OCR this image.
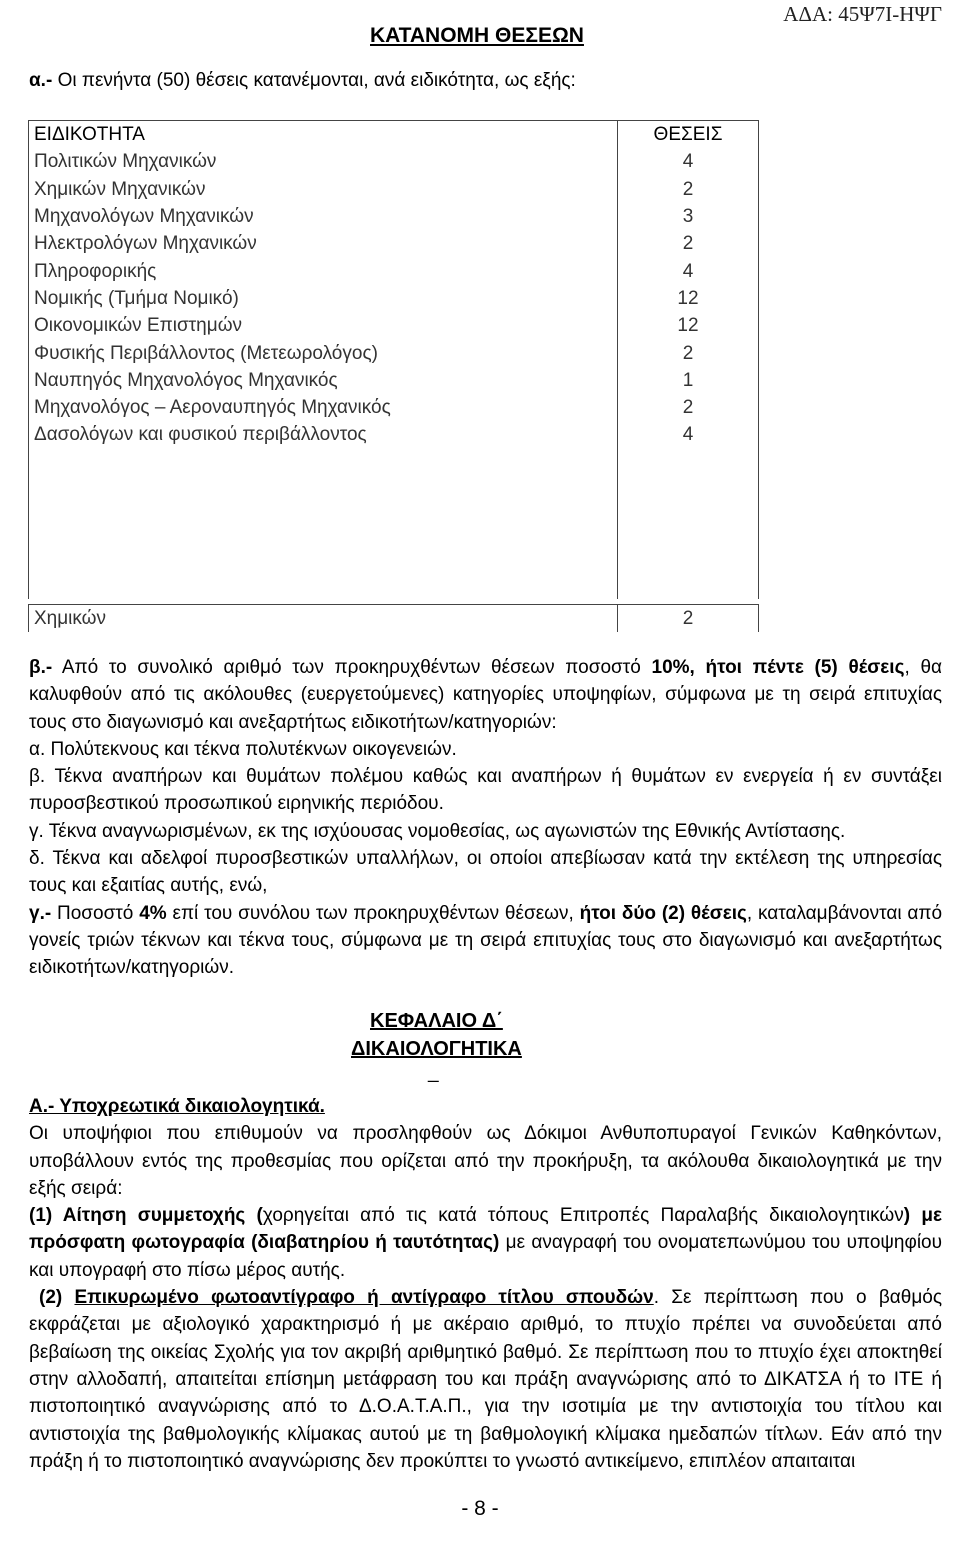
ΑΔΑ: 45Ψ7Ι-ΗΨΓ
ΚΑΤΑΝΟΜΗ ΘΕΣΕΩΝ
α.- Οι πενήντα (50) θέσεις κατανέμονται, ανά ειδικότητα, ως εξής:
ΕΙΔΙΚΟΤΗΤΑ	ΘΕΣΕΙΣ
Πολιτικών Μηχανικών	4
Χημικών Μηχανικών	2
Μηχανολόγων Μηχανικών	3
Ηλεκτρολόγων Μηχανικών	2
Πληροφορικής	4
Νομικής (Τμήμα Νομικό)	12
Οικονομικών Επιστημών	12
Φυσικής Περιβάλλοντος (Μετεωρολόγος)	2
Ναυπηγός Μηχανολόγος Μηχανικός	1
Μηχανολόγος – Αεροναυπηγός Μηχανικός	2
Δασολόγων και φυσικού περιβάλλοντος	4

Χημικών	2

β.- Από το συνολικό αριθμό των προκηρυχθέντων θέσεων ποσοστό 10%, ήτοι πέντε (5) θέσεις, θα καλυφθούν από τις ακόλουθες (ευεργετούμενες) κατηγορίες υποψηφίων, σύμφωνα με τη σειρά επιτυχίας τους στο διαγωνισμό και ανεξαρτήτως ειδικοτήτων/κατηγοριών:

α. Πολύτεκνους και τέκνα πολυτέκνων οικογενειών.

β. Τέκνα αναπήρων και θυμάτων πολέμου καθώς και αναπήρων ή θυμάτων εν ενεργεία ή εν συντάξει πυροσβεστικού προσωπικού ειρηνικής περιόδου.

γ. Τέκνα αναγνωρισμένων, εκ της ισχύουσας νομοθεσίας, ως αγωνιστών της Εθνικής Αντίστασης.

δ. Τέκνα και αδελφοί πυροσβεστικών υπαλλήλων, οι οποίοι απεβίωσαν κατά την εκτέλεση της υπηρεσίας τους και εξαιτίας αυτής, ενώ,

γ.- Ποσοστό 4% επί του συνόλου των προκηρυχθέντων θέσεων, ήτοι δύο (2) θέσεις, καταλαμβάνονται από γονείς τριών τέκνων και τέκνα τους, σύμφωνα με τη σειρά επιτυχίας τους στο διαγωνισμό και ανεξαρτήτως ειδικοτήτων/κατηγοριών.

ΚΕΦΑΛΑΙΟ Δ΄
ΔΙΚΑΙΟΛΟΓΗΤΙΚΑ
_

Α.- Υποχρεωτικά δικαιολογητικά.

Οι υποψήφιοι που επιθυμούν να προσληφθούν ως Δόκιμοι Ανθυποπυραγοί Γενικών Καθηκόντων, υποβάλλουν εντός της προθεσμίας που ορίζεται από την προκήρυξη, τα ακόλουθα δικαιολογητικά με την εξής σειρά:

(1) Αίτηση συμμετοχής (χορηγείται από τις κατά τόπους Επιτροπές Παραλαβής δικαιολογητικών) με πρόσφατη φωτογραφία (διαβατηρίου ή ταυτότητας) με αναγραφή του ονοματεπωνύμου του υποψηφίου και υπογραφή στο πίσω μέρος αυτής.

(2) Επικυρωμένο φωτοαντίγραφο ή αντίγραφο τίτλου σπουδών. Σε περίπτωση που ο βαθμός εκφράζεται με αξιολογικό χαρακτηρισμό ή με ακέραιο αριθμό, το πτυχίο πρέπει να συνοδεύεται από βεβαίωση της οικείας Σχολής για τον ακριβή αριθμητικό βαθμό. Σε περίπτωση που το πτυχίο έχει αποκτηθεί στην αλλοδαπή, απαιτείται επίσημη μετάφραση του και πράξη αναγνώρισης από το ΔΙΚΑΤΣΑ ή το ΙΤΕ ή πιστοποιητικό αναγνώρισης από το Δ.Ο.Α.Τ.Α.Π., για την ισοτιμία με την αντιστοιχία του τίτλου και αντιστοιχία της βαθμολογικής κλίμακας αυτού με τη βαθμολογική κλίμακα ημεδαπών τίτλων. Εάν από την πράξη ή το πιστοποιητικό αναγνώρισης δεν προκύπτει το γνωστό αντικείμενο, επιπλέον απαιταιται

- 8 -
